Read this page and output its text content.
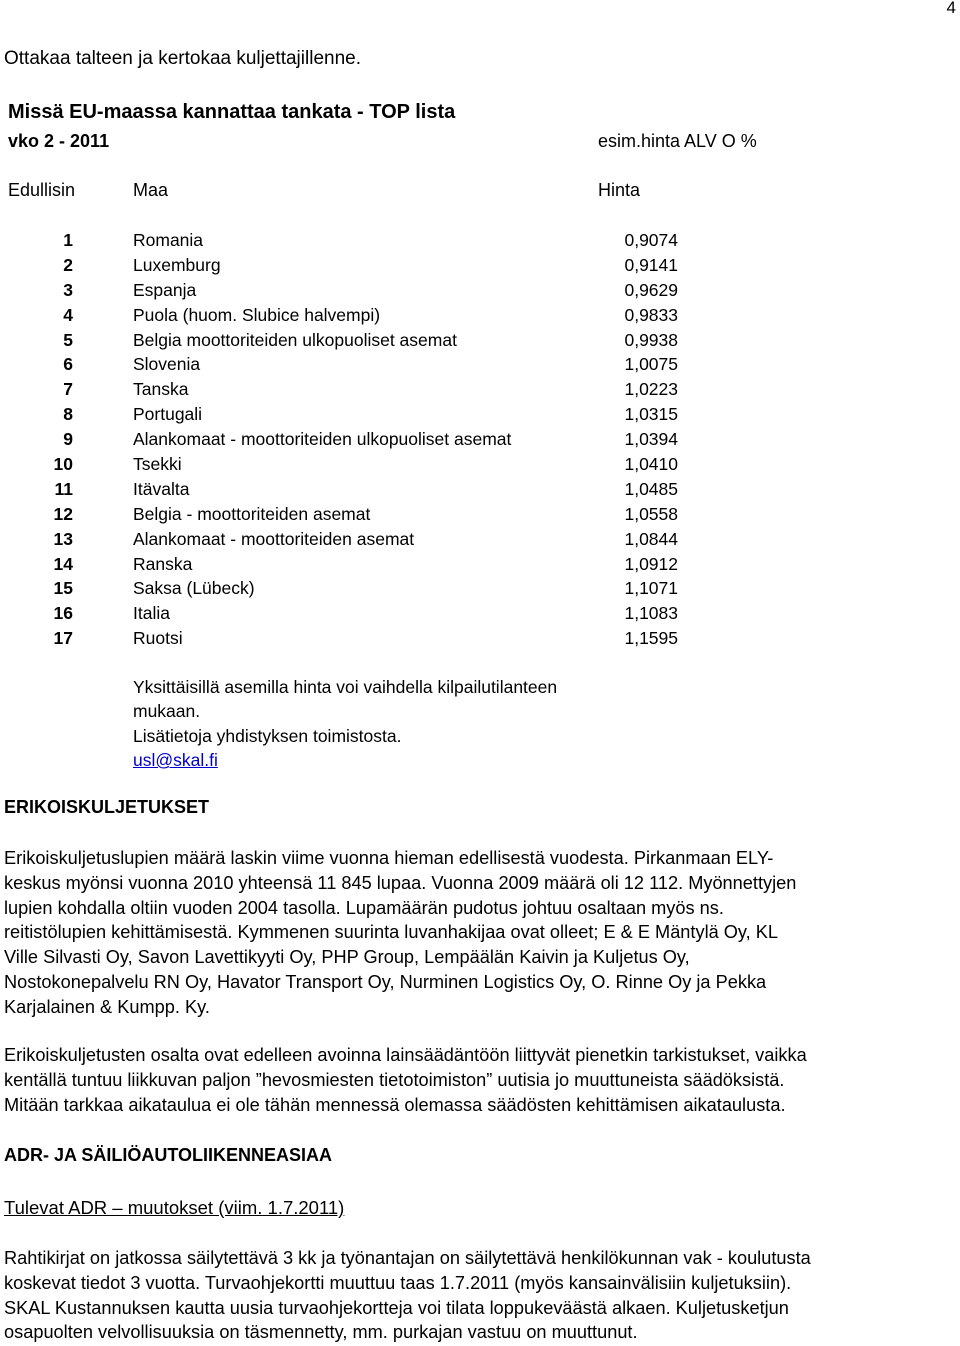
4
Ottakaa talteen ja kertokaa kuljettajillenne.
Missä EU-maassa kannattaa tankata - TOP lista
vko 2 - 2011	esim.hinta ALV O %
Edullisin	Maa	Hinta
1	Romania	0,9074
2	Luxemburg	0,9141
3	Espanja	0,9629
4	Puola (huom. Slubice halvempi)	0,9833
5	Belgia moottoriteiden ulkopuoliset asemat	0,9938
6	Slovenia	1,0075
7	Tanska	1,0223
8	Portugali	1,0315
9	Alankomaat - moottoriteiden ulkopuoliset asemat	1,0394
10	Tsekki	1,0410
11	Itävalta	1,0485
12	Belgia - moottoriteiden asemat	1,0558
13	Alankomaat - moottoriteiden asemat	1,0844
14	Ranska	1,0912
15	Saksa (Lübeck)	1,1071
16	Italia	1,1083
17	Ruotsi	1,1595
Yksittäisillä asemilla hinta voi vaihdella kilpailutilanteen
mukaan.
Lisätietoja yhdistyksen toimistosta.
usl@skal.fi
ERIKOISKULJETUKSET
Erikoiskuljetuslupien määrä laskin viime vuonna hieman edellisestä vuodesta. Pirkanmaan ELY-
keskus myönsi vuonna 2010 yhteensä 11 845 lupaa. Vuonna 2009 määrä oli 12 112. Myönnettyjen
lupien kohdalla oltiin vuoden 2004 tasolla. Lupamäärän pudotus johtuu osaltaan myös ns.
reitistölupien kehittämisestä. Kymmenen suurinta luvanhakijaa ovat olleet; E & E Mäntylä Oy, KL
Ville Silvasti Oy, Savon Lavettikyyti Oy, PHP Group, Lempäälän Kaivin ja Kuljetus Oy,
Nostokonepalvelu RN Oy, Havator Transport Oy, Nurminen Logistics Oy, O. Rinne Oy ja Pekka
Karjalainen & Kumpp. Ky.
Erikoiskuljetusten osalta ovat edelleen avoinna lainsäädäntöön liittyvät pienetkin tarkistukset, vaikka
kentällä tuntuu liikkuvan paljon ”hevosmiesten tietotoimiston” uutisia jo muuttuneista säädöksistä.
Mitään tarkkaa aikataulua ei ole tähän mennessä olemassa säädösten kehittämisen aikataulusta.
ADR- JA SÄILIÖAUTOLIIKENNEASIAA
Tulevat ADR – muutokset (viim. 1.7.2011)
Rahtikirjat on jatkossa säilytettävä 3 kk ja työnantajan on säilytettävä henkilökunnan vak - koulutusta
koskevat tiedot 3 vuotta. Turvaohjekortti muuttuu taas 1.7.2011 (myös kansainvälisiin kuljetuksiin).
SKAL Kustannuksen kautta uusia turvaohjekortteja voi tilata loppukeväästä alkaen. Kuljetusketjun
osapuolten velvollisuuksia on täsmennetty, mm. purkajan vastuu on muuttunut.
